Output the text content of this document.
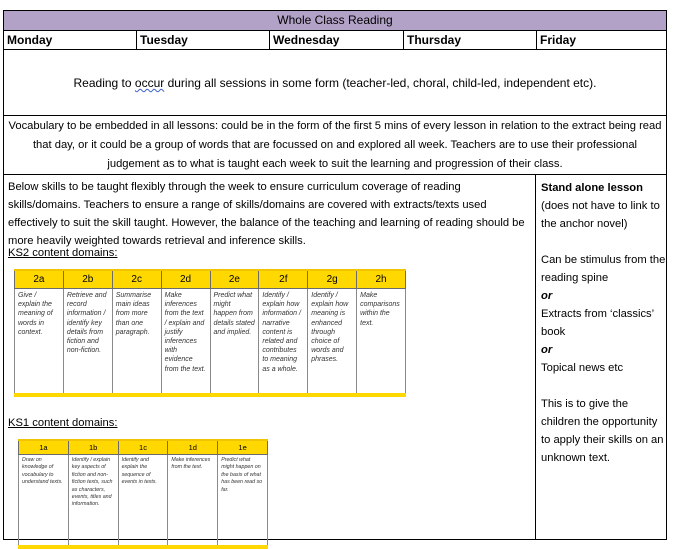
Whole Class Reading
Monday	Tuesday	Wednesday	Thursday	Friday
Reading to occur during all sessions in some form (teacher-led, choral, child-led, independent etc).
Vocabulary to be embedded in all lessons: could be in the form of the first 5 mins of every lesson in relation to the extract being read that day, or it could be a group of words that are focussed on and explored all week. Teachers are to use their professional judgement as to what is taught each week to suit the learning and progression of their class.

Below skills to be taught flexibly through the week to ensure curriculum coverage of reading skills/domains. Teachers to ensure a range of skills/domains are covered with extracts/texts used effectively to suit the skill taught. However, the balance of the teaching and learning of reading should be more heavily weighted towards retrieval and inference skills.

KS2 content domains:

2a	2b	2c	2d	2e	2f	2g	2h
Give / explain the meaning of words in context.	Retrieve and record information / identify key details from fiction and non-fiction.	Summarise main ideas from more than one paragraph.	Make inferences from the text / explain and justify inferences with evidence from the text.	Predict what might happen from details stated and implied.	Identify / explain how information / narrative content is related and contributes to meaning as a whole.	Identify / explain how meaning is enhanced through choice of words and phrases.	Make comparisons within the text.

KS1 content domains:

1a	1b	1c	1d	1e
Draw on knowledge of vocabulary to understand texts.	Identify / explain key aspects of fiction and non-fiction texts, such as characters, events, titles and information.	Identify and explain the sequence of events in texts.	Make inferences from the text.	Predict what might happen on the basis of what has been read so far.
Stand alone lesson (does not have to link to the anchor novel)
Can be stimulus from the reading spine
or
Extracts from ‘classics’ book
or
Topical news etc
This is to give the children the opportunity to apply their skills on an unknown text.
